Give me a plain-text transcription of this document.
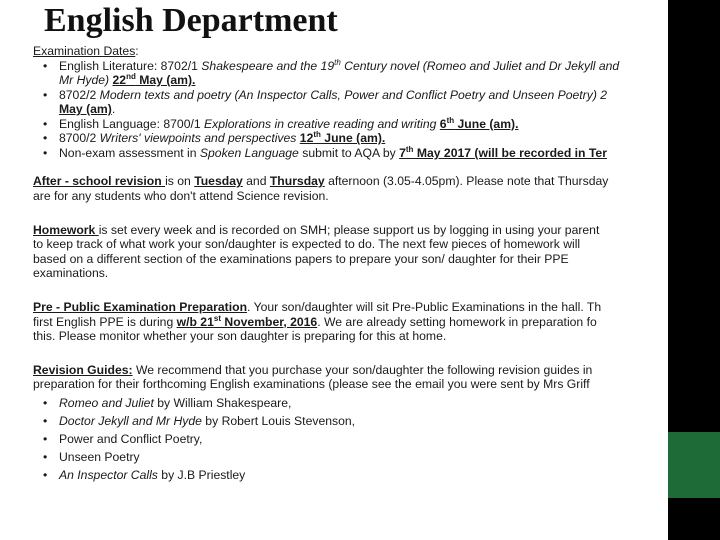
English Department

Examination Dates:

• English Literature: 8702/1 Shakespeare and the 19th Century novel (Romeo and Juliet and Dr Jekyll and
Mr Hyde) 22nd May (am).
• 8702/2 Modern texts and poetry (An Inspector Calls, Power and Conflict Poetry and Unseen Poetry) 2
May (am).
• English Language: 8700/1 Explorations in creative reading and writing 6th June (am).
• 8700/2 Writers' viewpoints and perspectives 12th June (am).
• Non-exam assessment in Spoken Language submit to AQA by 7th May 2017 (will be recorded in Ter
After - school revision is on Tuesday and Thursday afternoon (3.05-4.05pm). Please note that Thursday
are for any students who don't attend Science revision.
Homework is set every week and is recorded on SMH; please support us by logging in using your parent
to keep track of what work your son/daughter is expected to do. The next few pieces of homework will
based on a different section of the examinations papers to prepare your son/ daughter for their PPE
examinations.
Pre - Public Examination Preparation. Your son/daughter will sit Pre-Public Examinations in the hall. Th
first English PPE is during w/b 21st November, 2016. We are already setting homework in preparation fo
this. Please monitor whether your son daughter is preparing for this at home.
Revision Guides: We recommend that you purchase your son/daughter the following revision guides in
preparation for their forthcoming English examinations (please see the email you were sent by Mrs Griff
• Romeo and Juliet by William Shakespeare,
• Doctor Jekyll and Mr Hyde by Robert Louis Stevenson,
• Power and Conflict Poetry,
• Unseen Poetry
• An Inspector Calls by J.B Priestley
